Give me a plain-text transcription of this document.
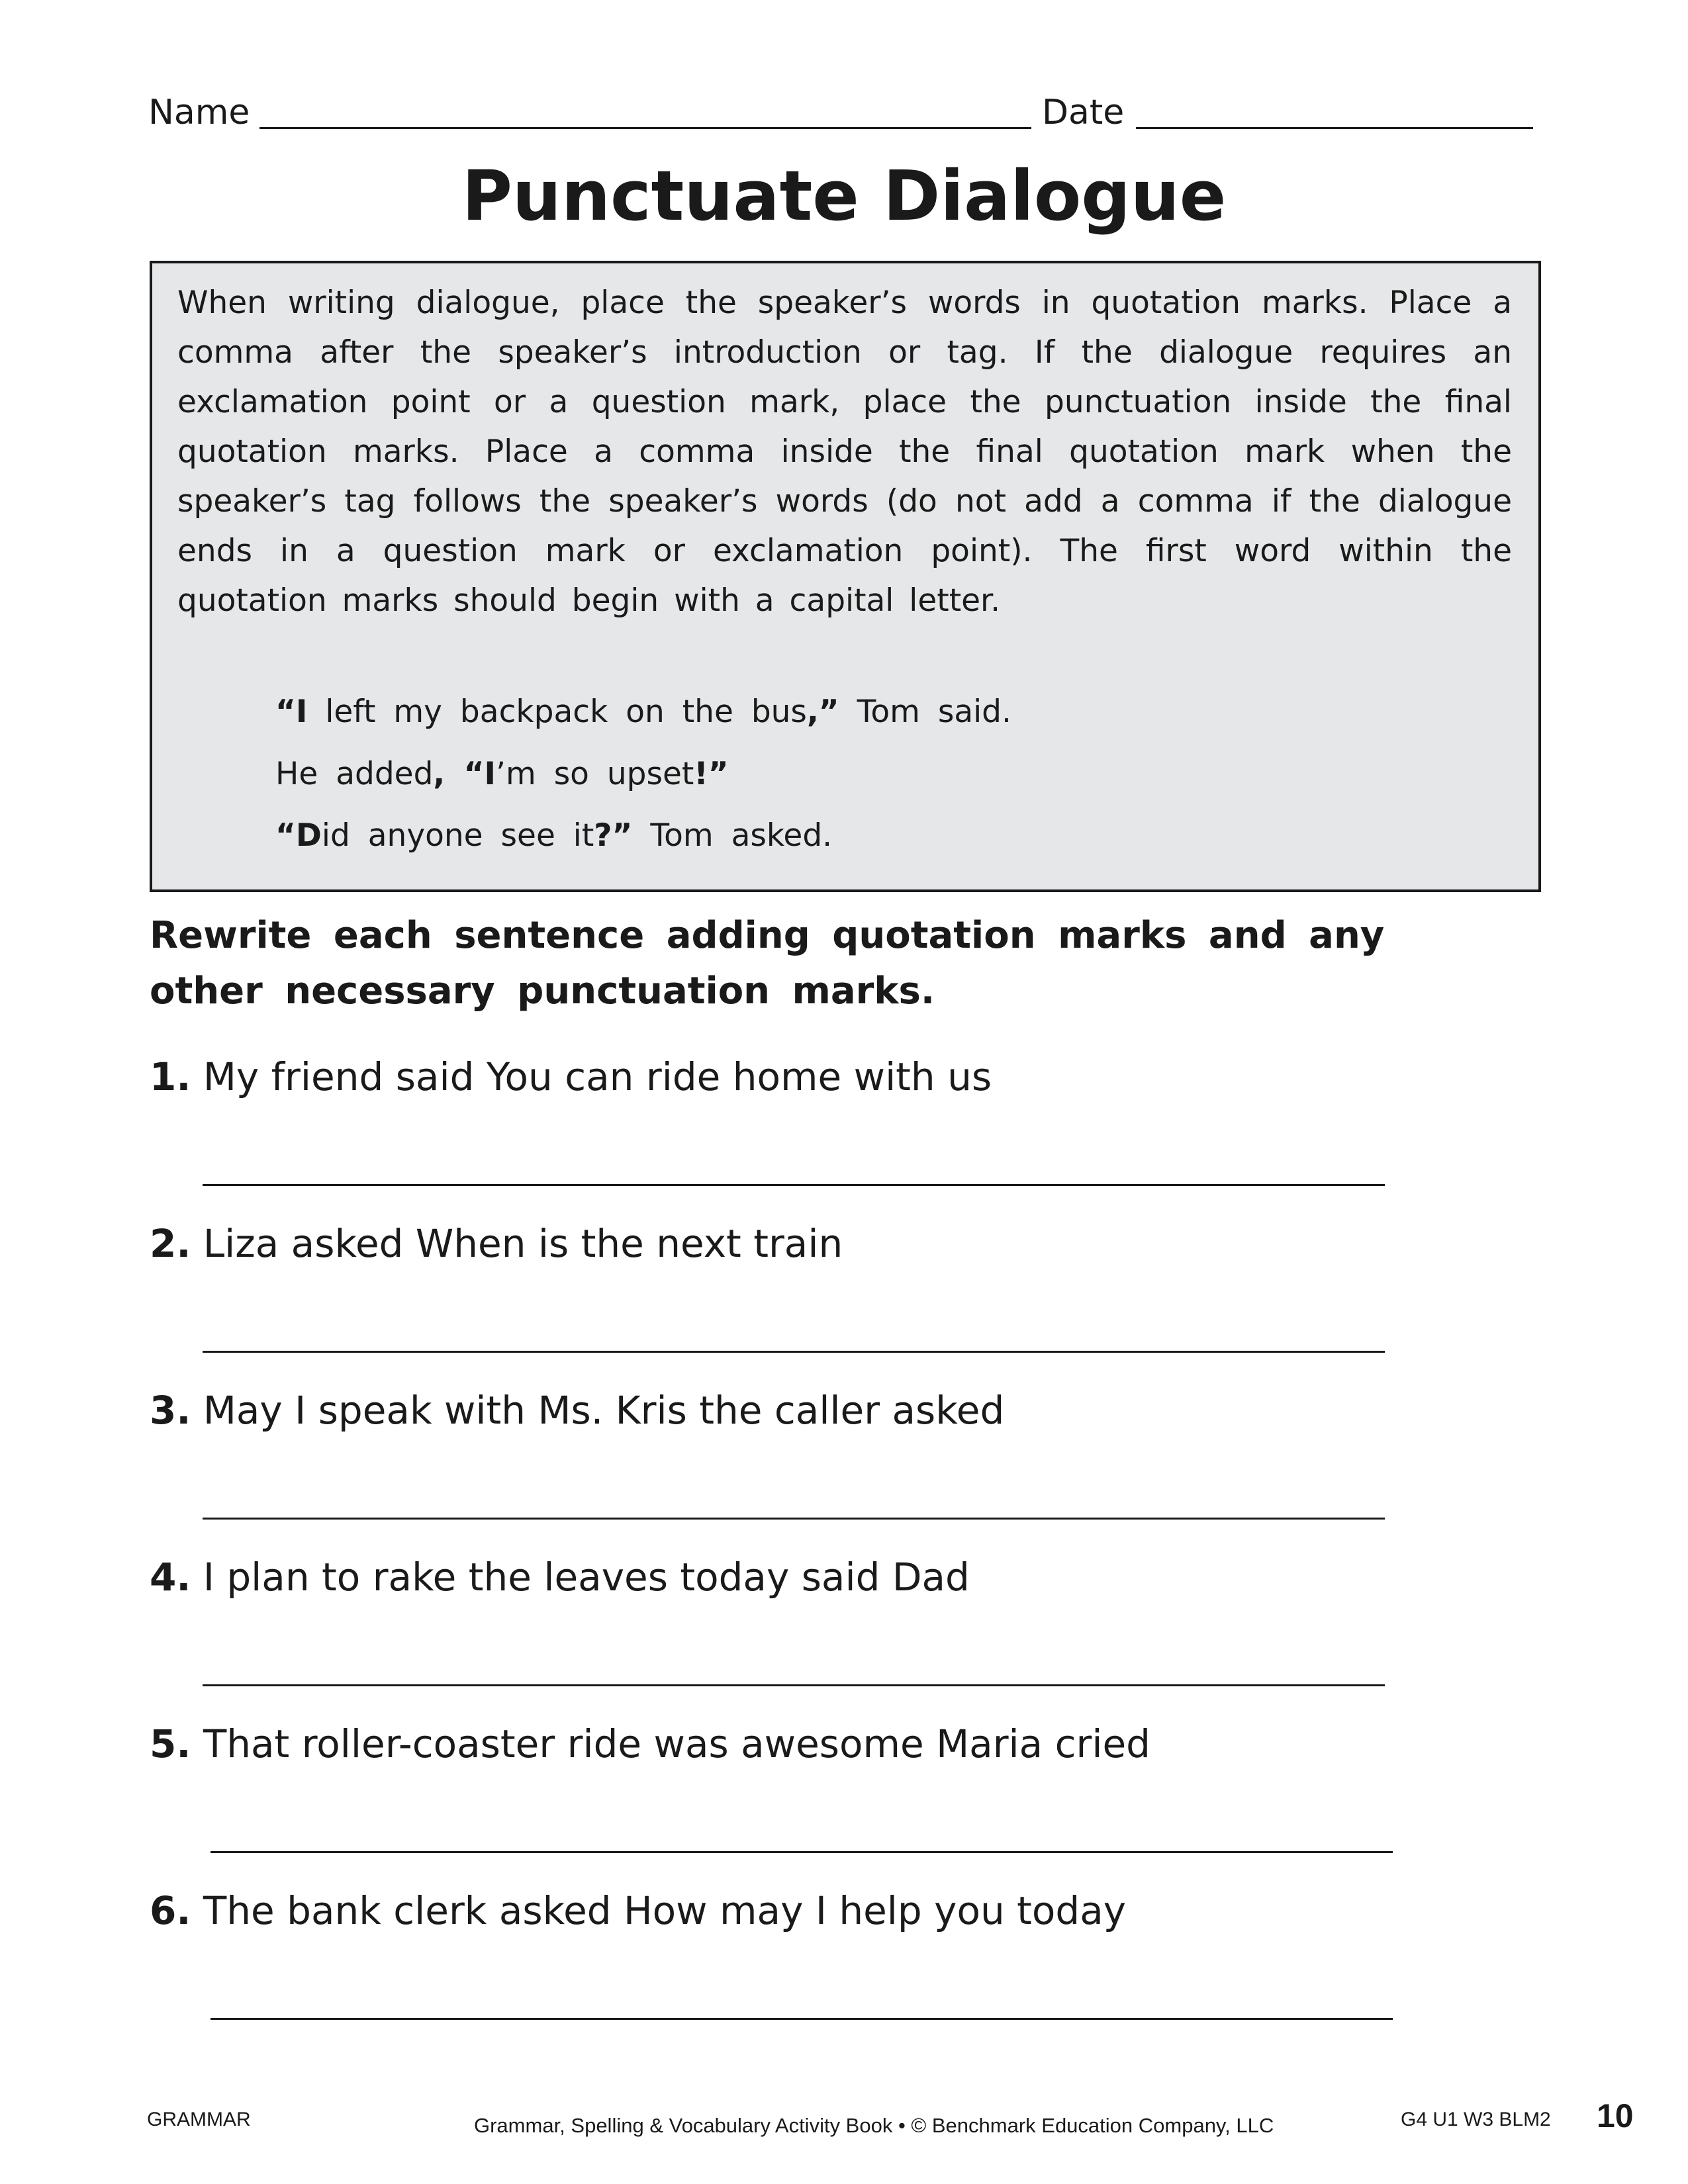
Name	Date
Punctuate Dialogue

When writing dialogue, place the speaker’s words in quotation marks. Place a comma after the speaker’s introduction or tag. If the dialogue requires an exclamation point or a question mark, place the punctuation inside the final quotation marks. Place a comma inside the final quotation mark when the speaker’s tag follows the speaker’s words (do not add a comma if the dialogue ends in a question mark or exclamation point). The first word within the quotation marks should begin with a capital letter.

“I left my backpack on the bus,” Tom said.
He added, “I’m so upset!”
“Did anyone see it?” Tom asked.

Rewrite each sentence adding quotation marks and any other necessary punctuation marks.

1. My friend said You can ride home with us
2. Liza asked When is the next train
3. May I speak with Ms. Kris the caller asked
4. I plan to rake the leaves today said Dad
5. That roller-coaster ride was awesome Maria cried
6. The bank clerk asked How may I help you today
GRAMMAR	Grammar, Spelling & Vocabulary Activity Book • © Benchmark Education Company, LLC	G4 U1 W3 BLM2 10
